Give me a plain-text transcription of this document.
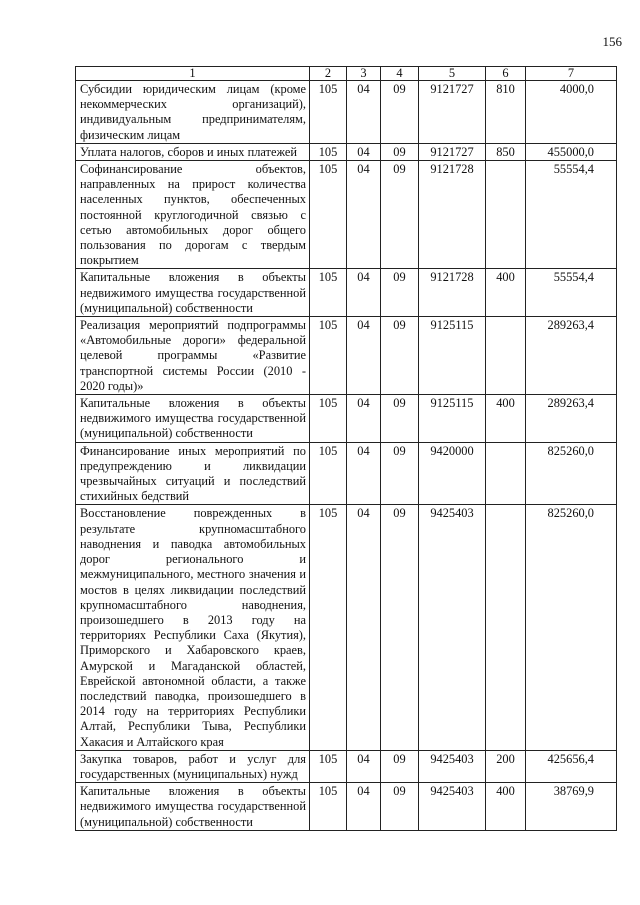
156
1	2	3	4	5	6	7
Субсидии юридическим лицам (кроме некоммерческих организаций), индивидуальным предпринимателям, физическим лицам	105	04	09	9121727	810	4000,0
Уплата налогов, сборов и иных платежей	105	04	09	9121727	850	455000,0
Софинансирование объектов, направленных на прирост количества населенных пунктов, обеспеченных постоянной круглогодичной связью с сетью автомобильных дорог общего пользования по дорогам с твердым покрытием	105	04	09	9121728		55554,4
Капитальные вложения в объекты недвижимого имущества государственной (муниципальной) собственности	105	04	09	9121728	400	55554,4
Реализация мероприятий подпрограммы «Автомобильные дороги» федеральной целевой программы «Развитие транспортной системы России (2010 - 2020 годы)»	105	04	09	9125115		289263,4
Капитальные вложения в объекты недвижимого имущества государственной (муниципальной) собственности	105	04	09	9125115	400	289263,4
Финансирование иных мероприятий по предупреждению и ликвидации чрезвычайных ситуаций и последствий стихийных бедствий	105	04	09	9420000		825260,0
Восстановление поврежденных в результате крупномасштабного наводнения и паводка автомобильных дорог регионального и межмуниципального, местного значения и мостов в целях ликвидации последствий крупномасштабного наводнения, произошедшего в 2013 году на территориях Республики Саха (Якутия), Приморского и Хабаровского краев, Амурской и Магаданской областей, Еврейской автономной области, а также последствий паводка, произошедшего в 2014 году на территориях Республики Алтай, Республики Тыва, Республики Хакасия и Алтайского края	105	04	09	9425403		825260,0
Закупка товаров, работ и услуг для государственных (муниципальных) нужд	105	04	09	9425403	200	425656,4
Капитальные вложения в объекты недвижимого имущества государственной (муниципальной) собственности	105	04	09	9425403	400	38769,9
